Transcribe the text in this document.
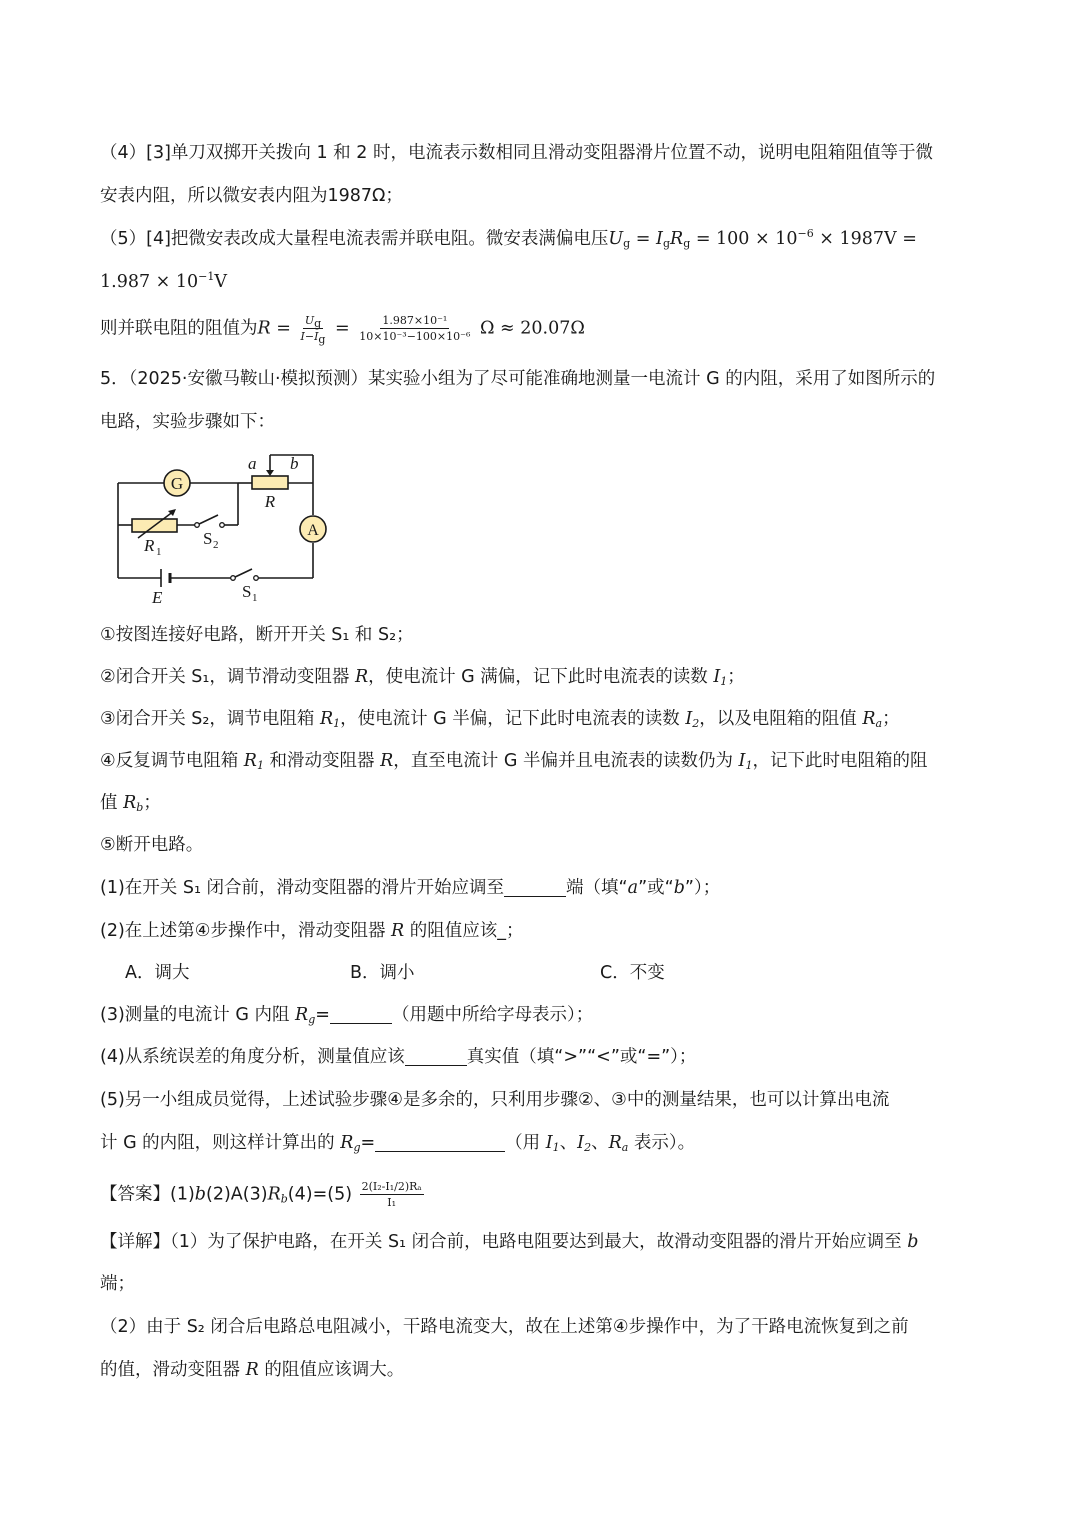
（4）[3]单刀双掷开关拨向 1 和 2 时，电流表示数相同且滑动变阻器滑片位置不动，说明电阻箱阻值等于微
安表内阻，所以微安表内阻为1987Ω；
（5）[4]把微安表改成大量程电流表需并联电阻。微安表满偏电压$U_g = I_gR_g = 100 \times 10^{-6} \times 1987V$ =
$1.987 \times 10^{-1}V$
则并联电阻的阻值为$R = \frac{U_g}{I-I_g} = \frac{\text{1.987×10⁻¹}}{\text{10×10⁻³−100×10⁻⁶}}$ Ω ≈ 20.07Ω
5．（2025·安徽马鞍山·模拟预测）某实验小组为了尽可能准确地测量一电流计 G 的内阻，采用了如图所示的
电路，实验步骤如下：
G
A
a b
R
R 1
S 2
E	S 1
①按图连接好电路，断开开关 S₁ 和 S₂；
②闭合开关 S₁，调节滑动变阻器 R，使电流计 G 满偏，记下此时电流表的读数 $I_1$；
③闭合开关 S₂，调节电阻箱 $R_1$，使电流计 G 半偏，记下此时电流表的读数 $I_2$，以及电阻箱的阻值 $R_a$；
④反复调节电阻箱 $R_1$ 和滑动变阻器 R，直至电流计 G 半偏并且电流表的读数仍为 $I_1$，记下此时电阻箱的阻
值 $R_b$；
⑤断开电路。
(1)在开关 S₁ 闭合前，滑动变阻器的滑片开始应调至	端（填“a”或“b”）；
(2)在上述第④步操作中，滑动变阻器 R 的阻值应该_；
A．调大	B．调小	C．不变
(3)测量的电流计 G 内阻 $R_g=$	（用题中所给字母表示）；
(4)从系统误差的角度分析，测量值应该	真实值（填“>”“<”或“=”）；
(5)另一小组成员觉得，上述试验步骤④是多余的，只利用步骤②、③中的测量结果，也可以计算出电流
计 G 的内阻，则这样计算出的 $R_g=$	（用 $I_1$、$I_2$、$R_a$ 表示）。
【答案】$(1)b(2)A(3)R_b(4)=(5) \frac{\text{2(I₂-I₁/2)Rₐ}}{\text{I₁}}$
【详解】（1）为了保护电路，在开关 S₁ 闭合前，电路电阻要达到最大，故滑动变阻器的滑片开始应调至 b
端；
（2）由于 S₂ 闭合后电路总电阻减小，干路电流变大，故在上述第④步操作中，为了干路电流恢复到之前
的值，滑动变阻器 R 的阻值应该调大。
